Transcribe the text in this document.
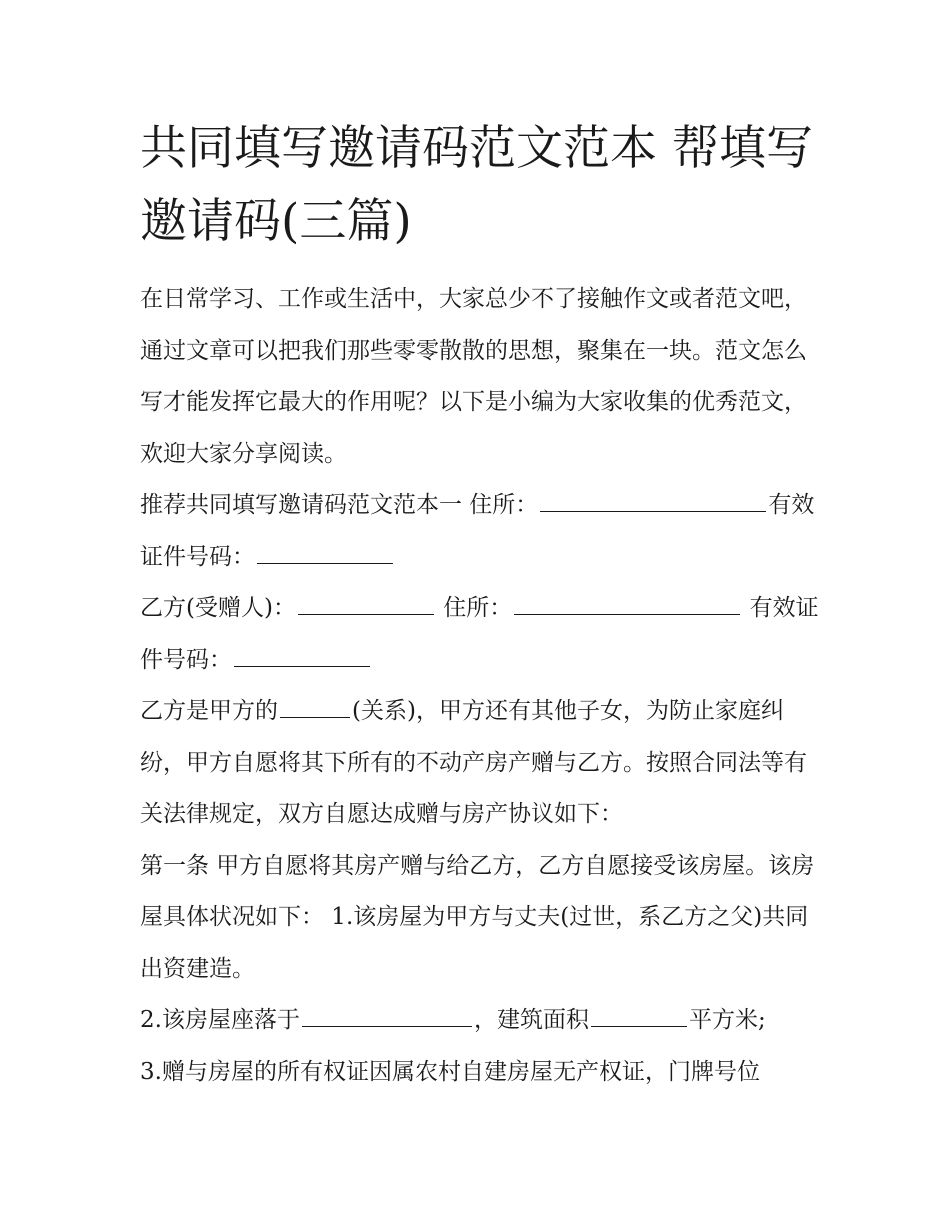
共同填写邀请码范文范本 帮填写邀请码(三篇)

在日常学习、工作或生活中，大家总少不了接触作文或者范文吧，通过文章可以把我们那些零零散散的思想，聚集在一块。范文怎么写才能发挥它最大的作用呢？以下是小编为大家收集的优秀范文，欢迎大家分享阅读。

推荐共同填写邀请码范文范本一 住所：	有效证件号码：

乙方(受赠人)：	住所：	有效证件号码：

乙方是甲方的	(关系)，甲方还有其他子女，为防止家庭纠纷，甲方自愿将其下所有的不动产房产赠与乙方。按照合同法等有关法律规定，双方自愿达成赠与房产协议如下：

第一条 甲方自愿将其房产赠与给乙方，乙方自愿接受该房屋。该房屋具体状况如下： 1.该房屋为甲方与丈夫(过世，系乙方之父)共同出资建造。

2.该房屋座落于	，建筑面积	平方米;

3.赠与房屋的所有权证因属农村自建房屋无产权证，门牌号位
